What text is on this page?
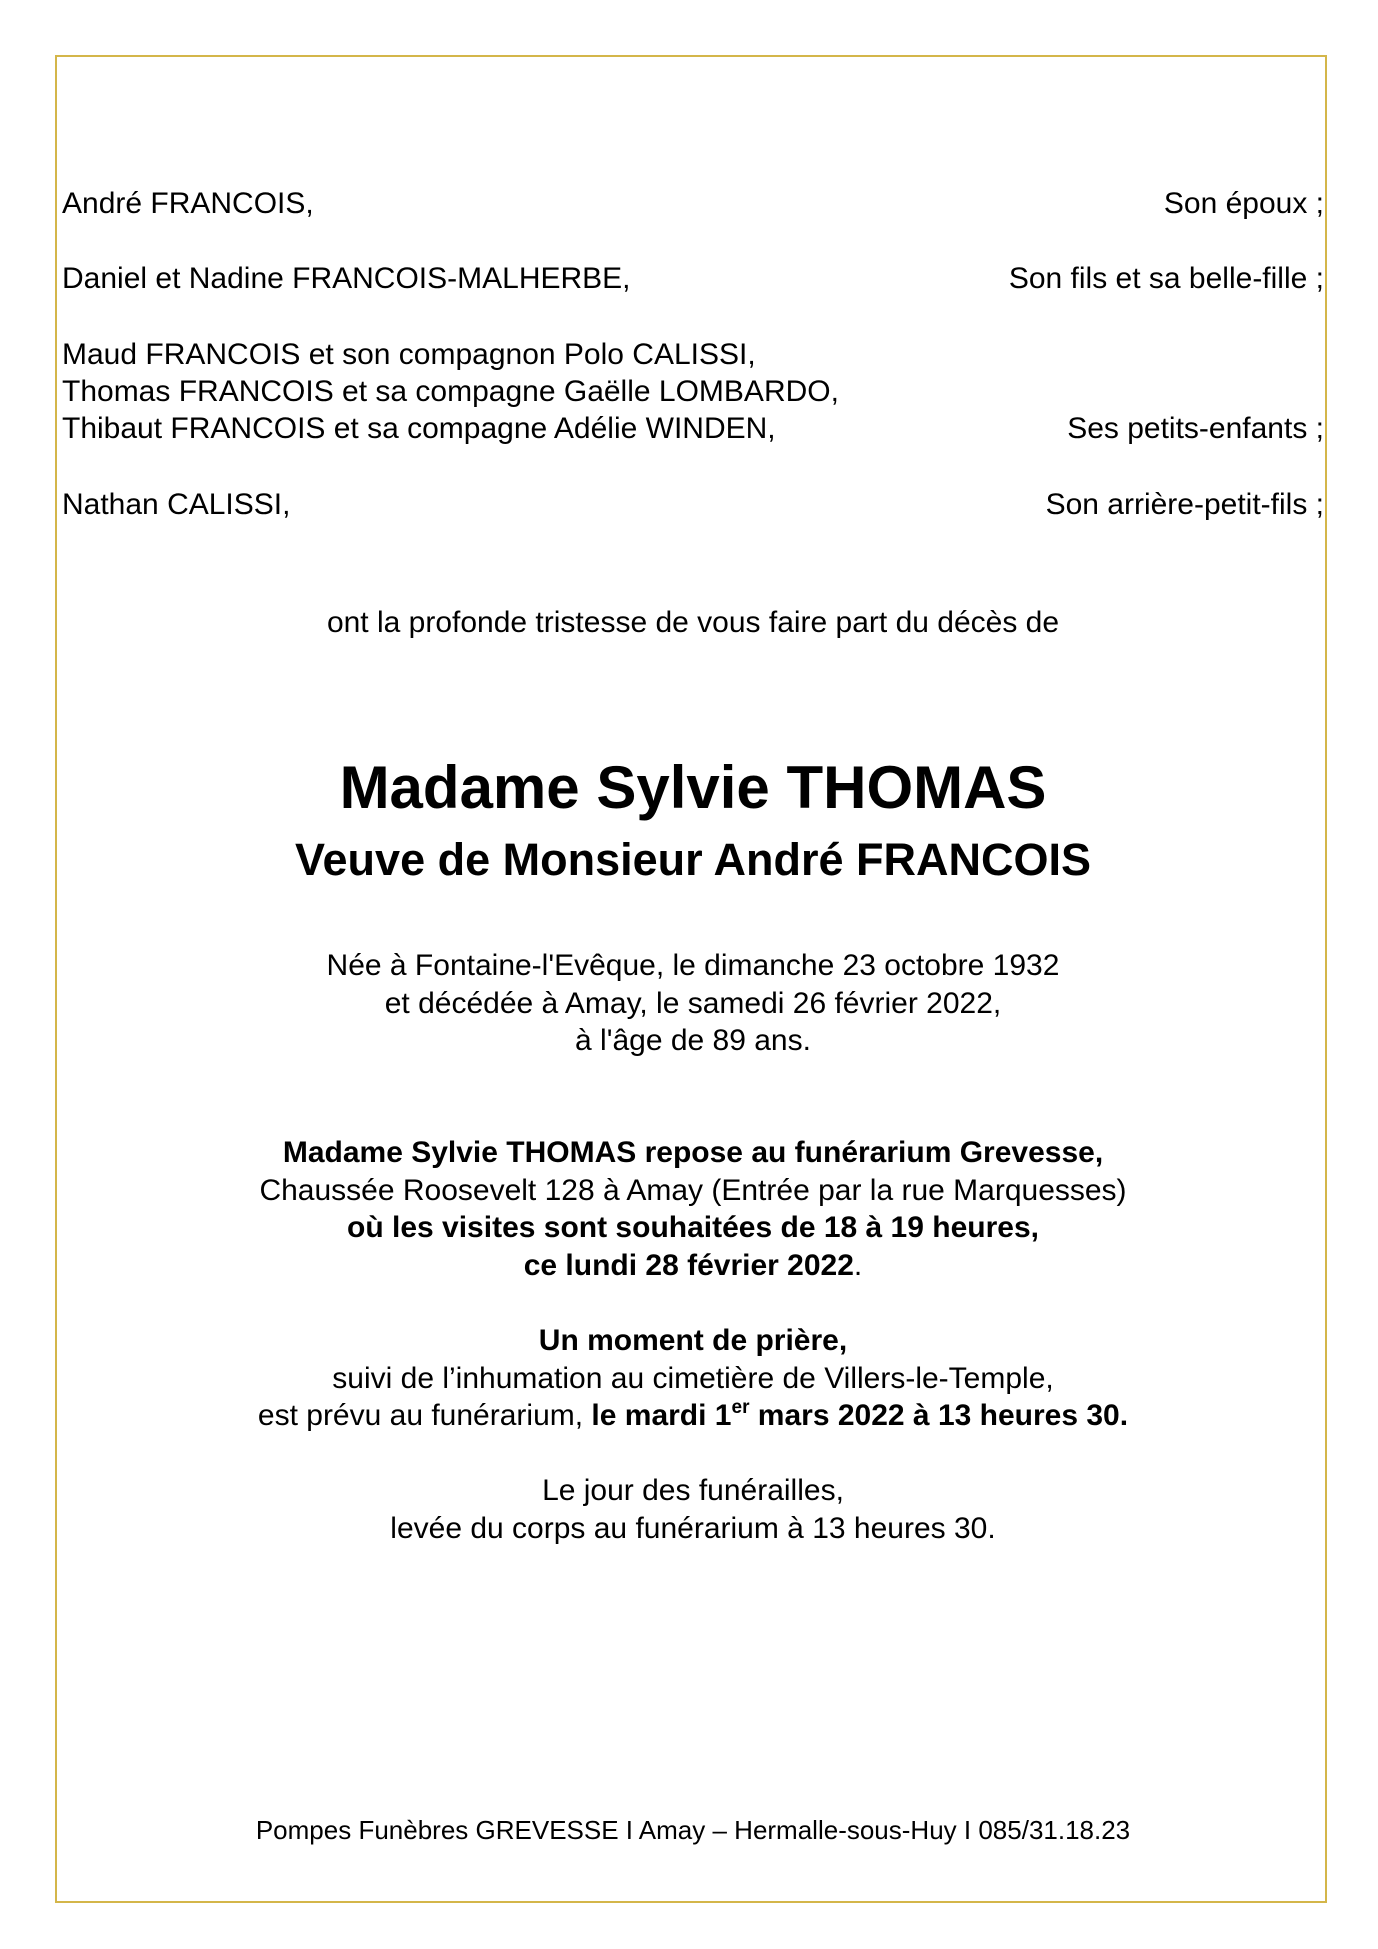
André FRANCOIS,	Son époux ;
Daniel et Nadine FRANCOIS-MALHERBE,	Son fils et sa belle-fille ;
Maud FRANCOIS et son compagnon Polo CALISSI,
Thomas FRANCOIS et sa compagne Gaëlle LOMBARDO,
Thibaut FRANCOIS et sa compagne Adélie WINDEN,	Ses petits-enfants ;
Nathan CALISSI,	Son arrière-petit-fils ;
ont la profonde tristesse de vous faire part du décès de
Madame Sylvie THOMAS
Veuve de Monsieur André FRANCOIS
Née à Fontaine-l'Evêque, le dimanche 23 octobre 1932
et décédée à Amay, le samedi 26 février 2022,
à l'âge de 89 ans.
Madame Sylvie THOMAS repose au funérarium Grevesse,
Chaussée Roosevelt 128 à Amay (Entrée par la rue Marquesses)
où les visites sont souhaitées de 18 à 19 heures,
ce lundi 28 février 2022.
Un moment de prière,
suivi de l’inhumation au cimetière de Villers-le-Temple,
est prévu au funérarium, le mardi 1er mars 2022 à 13 heures 30.
Le jour des funérailles,
levée du corps au funérarium à 13 heures 30.
Pompes Funèbres GREVESSE I Amay – Hermalle-sous-Huy I 085/31.18.23
